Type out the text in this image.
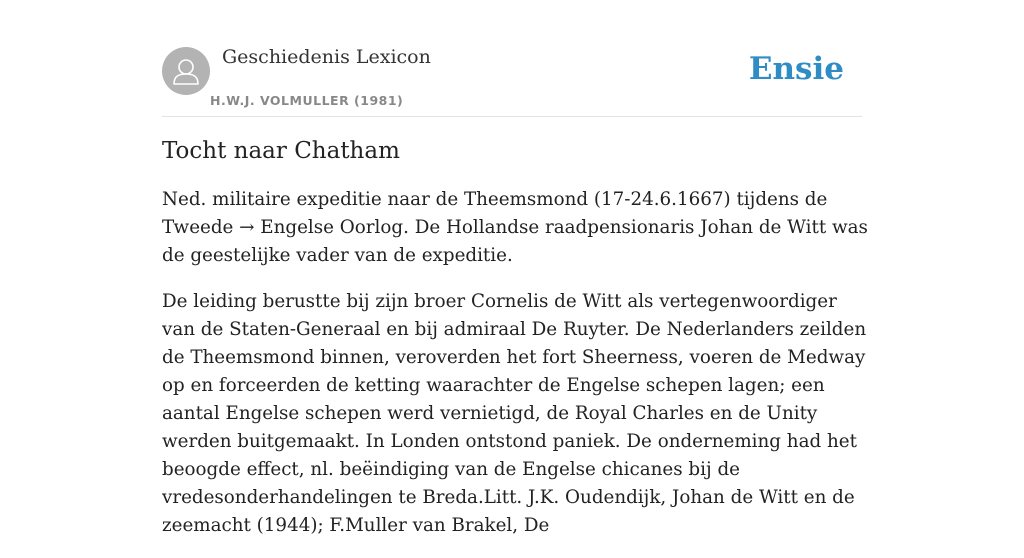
Geschiedenis Lexicon
H.W.J. VOLMULLER (1981)
Ensie
Tocht naar Chatham

Ned. militaire expeditie naar de Theemsmond (17-24.6.1667) tijdens de Tweede → Engelse Oorlog. De Hollandse raadpensionaris Johan de Witt was de geestelijke vader van de expeditie.

De leiding berustte bij zijn broer Cornelis de Witt als vertegenwoordiger van de Staten-Generaal en bij admiraal De Ruyter. De Nederlanders zeilden de Theemsmond binnen, veroverden het fort Sheerness, voeren de Medway op en forceerden de ketting waarachter de Engelse schepen lagen; een aantal Engelse schepen werd vernietigd, de Royal Charles en de Unity werden buitgemaakt. In Londen ontstond paniek. De onderneming had het beoogde effect, nl. beëindiging van de Engelse chicanes bij de vredesonderhandelingen te Breda.Litt. J.K. Oudendijk, Johan de Witt en de zeemacht (1944); F.Muller van Brakel, De
